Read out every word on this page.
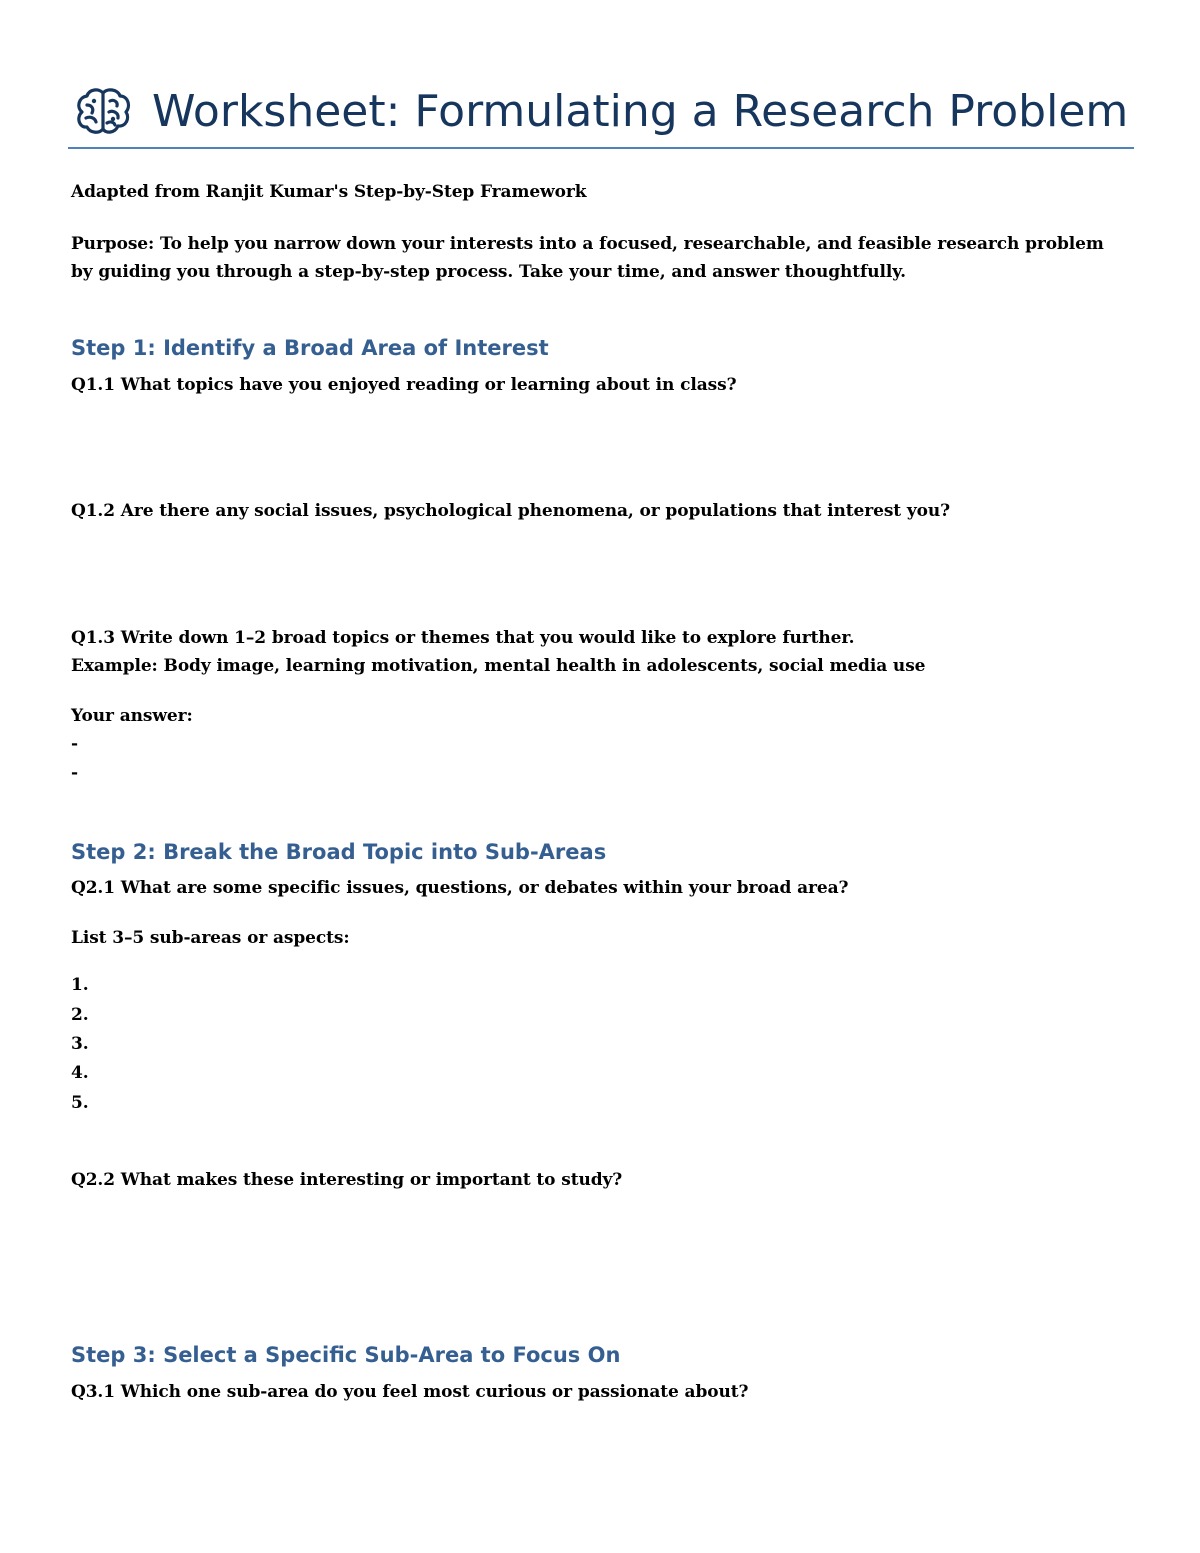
Worksheet: Formulating a Research Problem
Adapted from Ranjit Kumar's Step-by-Step Framework
Purpose: To help you narrow down your interests into a focused, researchable, and feasible research problem by guiding you through a step-by-step process. Take your time, and answer thoughtfully.
Step 1: Identify a Broad Area of Interest
Q1.1 What topics have you enjoyed reading or learning about in class?
Q1.2 Are there any social issues, psychological phenomena, or populations that interest you?
Q1.3 Write down 1–2 broad topics or themes that you would like to explore further.
Example: Body image, learning motivation, mental health in adolescents, social media use
Your answer:
-
-
Step 2: Break the Broad Topic into Sub-Areas
Q2.1 What are some specific issues, questions, or debates within your broad area?
List 3–5 sub-areas or aspects:
1.
2.
3.
4.
5.
Q2.2 What makes these interesting or important to study?
Step 3: Select a Specific Sub-Area to Focus On
Q3.1 Which one sub-area do you feel most curious or passionate about?
